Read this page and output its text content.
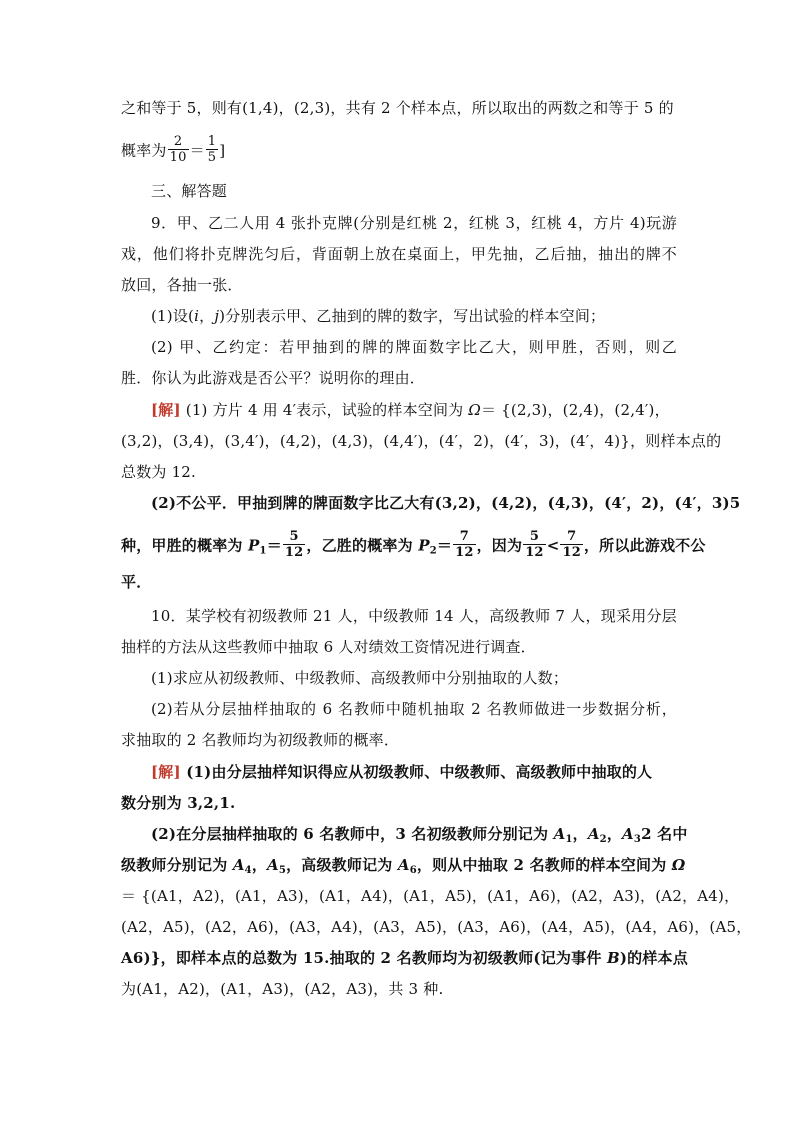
之和等于 5，则有(1,4)，(2,3)，共有 2 个样本点，所以取出的两数之和等于 5 的
概率为 $\frac{2}{10} = \frac{1}{5}$ ]
三、解答题
9．甲、乙二人用 4 张扑克牌(分别是红桃 2，红桃 3，红桃 4，方片 4)玩游
戏，他们将扑克牌洗匀后，背面朝上放在桌面上，甲先抽，乙后抽，抽出的牌不
放回，各抽一张．
(1)设(i，j)分别表示甲、乙抽到的牌的数字，写出试验的样本空间；
(2) 甲、乙约定：若甲抽到的牌的牌面数字比乙大，则甲胜，否则，则乙
胜．你认为此游戏是否公平？说明你的理由．
[解] (1) 方片 4 用 4′表示，试验的样本空间为 Ω＝ {(2,3)，(2,4)，(2,4′)，
(3,2)，(3,4)，(3,4′)，(4,2)，(4,3)，(4,4′)，(4′，2)，(4′，3)，(4′，4)}，则样本点的
总数为 12.
(2)不公平．甲抽到牌的牌面数字比乙大有(3,2)，(4,2)，(4,3)，(4′，2)，(4′，3)5
种，甲胜的概率为 $P_1= \frac{5}{12}$ ，乙胜的概率为 $P_2= \frac{7}{12}$ ，因为 $\frac{5}{12} < \frac{7}{12}$ ，所以此游戏不公
平．
10．某学校有初级教师 21 人，中级教师 14 人，高级教师 7 人，现采用分层
抽样的方法从这些教师中抽取 6 人对绩效工资情况进行调查．
(1)求应从初级教师、中级教师、高级教师中分别抽取的人数；
(2)若从分层抽样抽取的 6 名教师中随机抽取 2 名教师做进一步数据分析，
求抽取的 2 名教师均为初级教师的概率．
[解] (1)由分层抽样知识得应从初级教师、中级教师、高级教师中抽取的人
数分别为 3,2,1.
(2)在分层抽样抽取的 6 名教师中，3 名初级教师分别记为 $A_1$，$A_2$，$A_32$ 名中
级教师分别记为 $A_4$，$A_5$，高级教师记为 $A_6$，则从中抽取 2 名教师的样本空间为 Ω
＝ {(A1，A2)，(A1，A3)，(A1，A4)，(A1，A5)，(A1，A6)，(A2，A3)，(A2，A4)，
(A2，A5)，(A2，A6)，(A3，A4)，(A3，A5)，(A3，A6)，(A4，A5)，(A4，A6)，(A5，
A6)}，即样本点的总数为 15.抽取的 2 名教师均为初级教师(记为事件 B)的样本点
为(A1，A2)，(A1，A3)，(A2，A3)，共 3 种.
